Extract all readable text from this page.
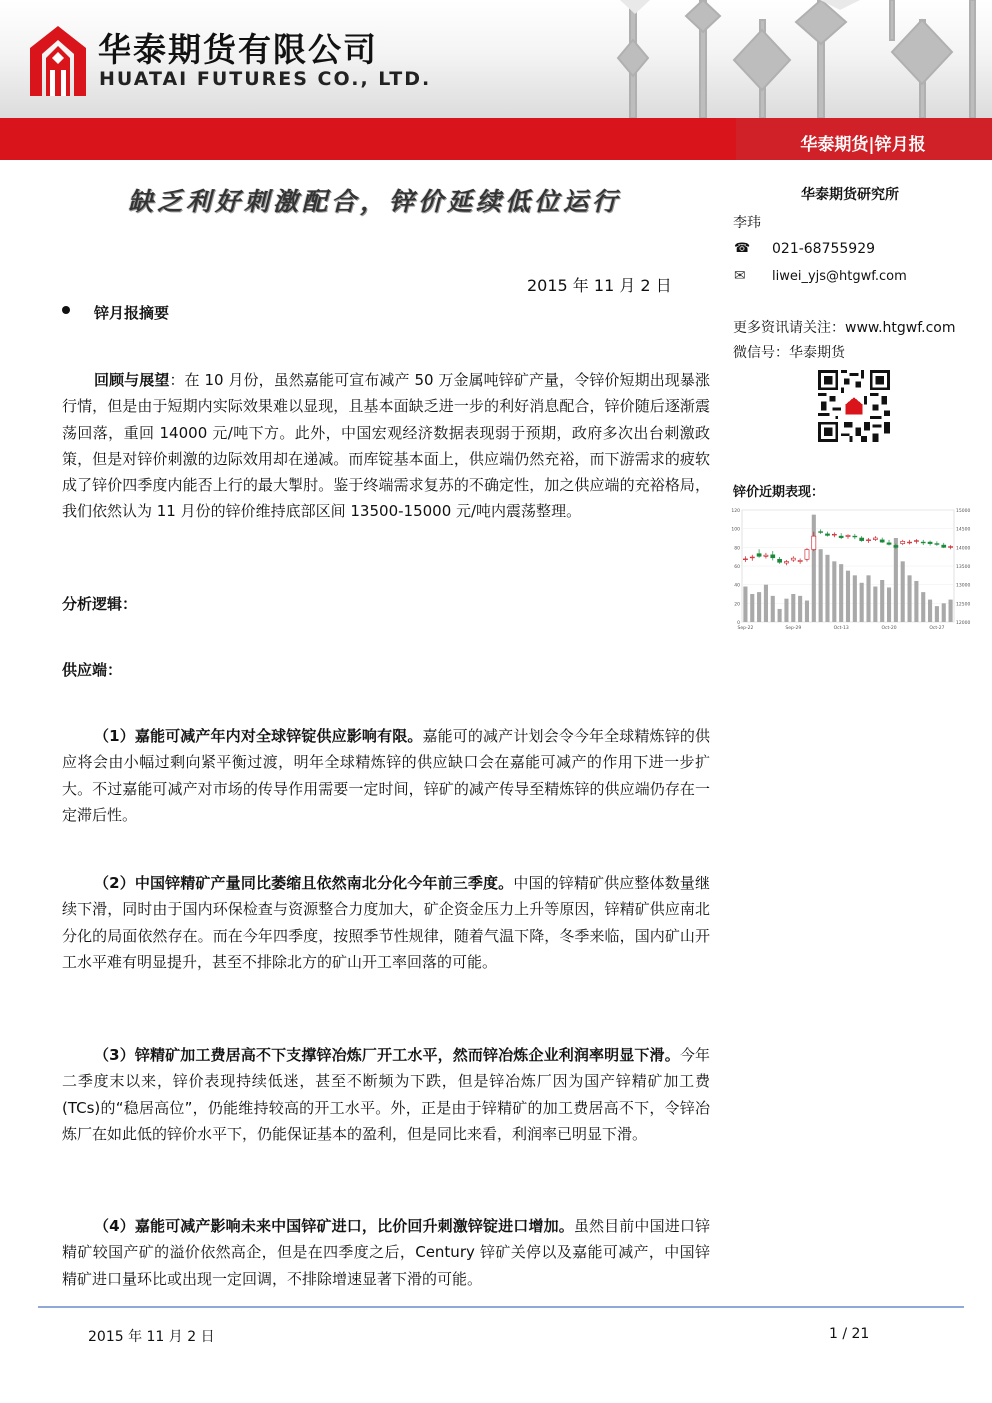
华泰期货有限公司
HUATAI FUTURES CO., LTD.
华泰期货|锌月报
缺乏利好刺激配合，锌价延续低位运行
2015 年 11 月 2 日
锌月报摘要
回顾与展望：在 10 月份，虽然嘉能可宣布减产 50 万金属吨锌矿产量，令锌价短期出现暴涨行情，但是由于短期内实际效果难以显现，且基本面缺乏进一步的利好消息配合，锌价随后逐渐震荡回落，重回 14000 元/吨下方。此外，中国宏观经济数据表现弱于预期，政府多次出台刺激政策，但是对锌价刺激的边际效用却在递减。而库锭基本面上，供应端仍然充裕，而下游需求的疲软成了锌价四季度内能否上行的最大掣肘。鉴于终端需求复苏的不确定性，加之供应端的充裕格局，我们依然认为 11 月份的锌价维持底部区间 13500-15000 元/吨内震荡整理。
分析逻辑：
供应端：
（1）嘉能可减产年内对全球锌锭供应影响有限。嘉能可的减产计划会令今年全球精炼锌的供应将会由小幅过剩向紧平衡过渡，明年全球精炼锌的供应缺口会在嘉能可减产的作用下进一步扩大。不过嘉能可减产对市场的传导作用需要一定时间，锌矿的减产传导至精炼锌的供应端仍存在一定滞后性。
（2）中国锌精矿产量同比萎缩且依然南北分化今年前三季度。中国的锌精矿供应整体数量继续下滑，同时由于国内环保检查与资源整合力度加大，矿企资金压力上升等原因，锌精矿供应南北分化的局面依然存在。而在今年四季度，按照季节性规律，随着气温下降，冬季来临，国内矿山开工水平难有明显提升，甚至不排除北方的矿山开工率回落的可能。
（3）锌精矿加工费居高不下支撑锌冶炼厂开工水平，然而锌冶炼企业利润率明显下滑。今年二季度末以来，锌价表现持续低迷，甚至不断频为下跌，但是锌冶炼厂因为国产锌精矿加工费(TCs)的“稳居高位”，仍能维持较高的开工水平。外，正是由于锌精矿的加工费居高不下，令锌冶炼厂在如此低的锌价水平下，仍能保证基本的盈利，但是同比来看，利润率已明显下滑。
（4）嘉能可减产影响未来中国锌矿进口，比价回升刺激锌锭进口增加。虽然目前中国进口锌精矿较国产矿的溢价依然高企，但是在四季度之后，Century 锌矿关停以及嘉能可减产，中国锌精矿进口量环比或出现一定回调，不排除增速显著下滑的可能。
华泰期货研究所
李玮
☎ 021-68755929
✉ liwei_yjs@htgwf.com
更多资讯请关注：www.htgwf.com
微信号：华泰期货
锌价近期表现：
0
20
40
60
80
100
120
12000
12500
13000
13500
14000
14500
15000
Sep-22	Sep-29	Oct-13	Oct-20	Oct-27
2015 年 11 月 2 日	1 / 21
